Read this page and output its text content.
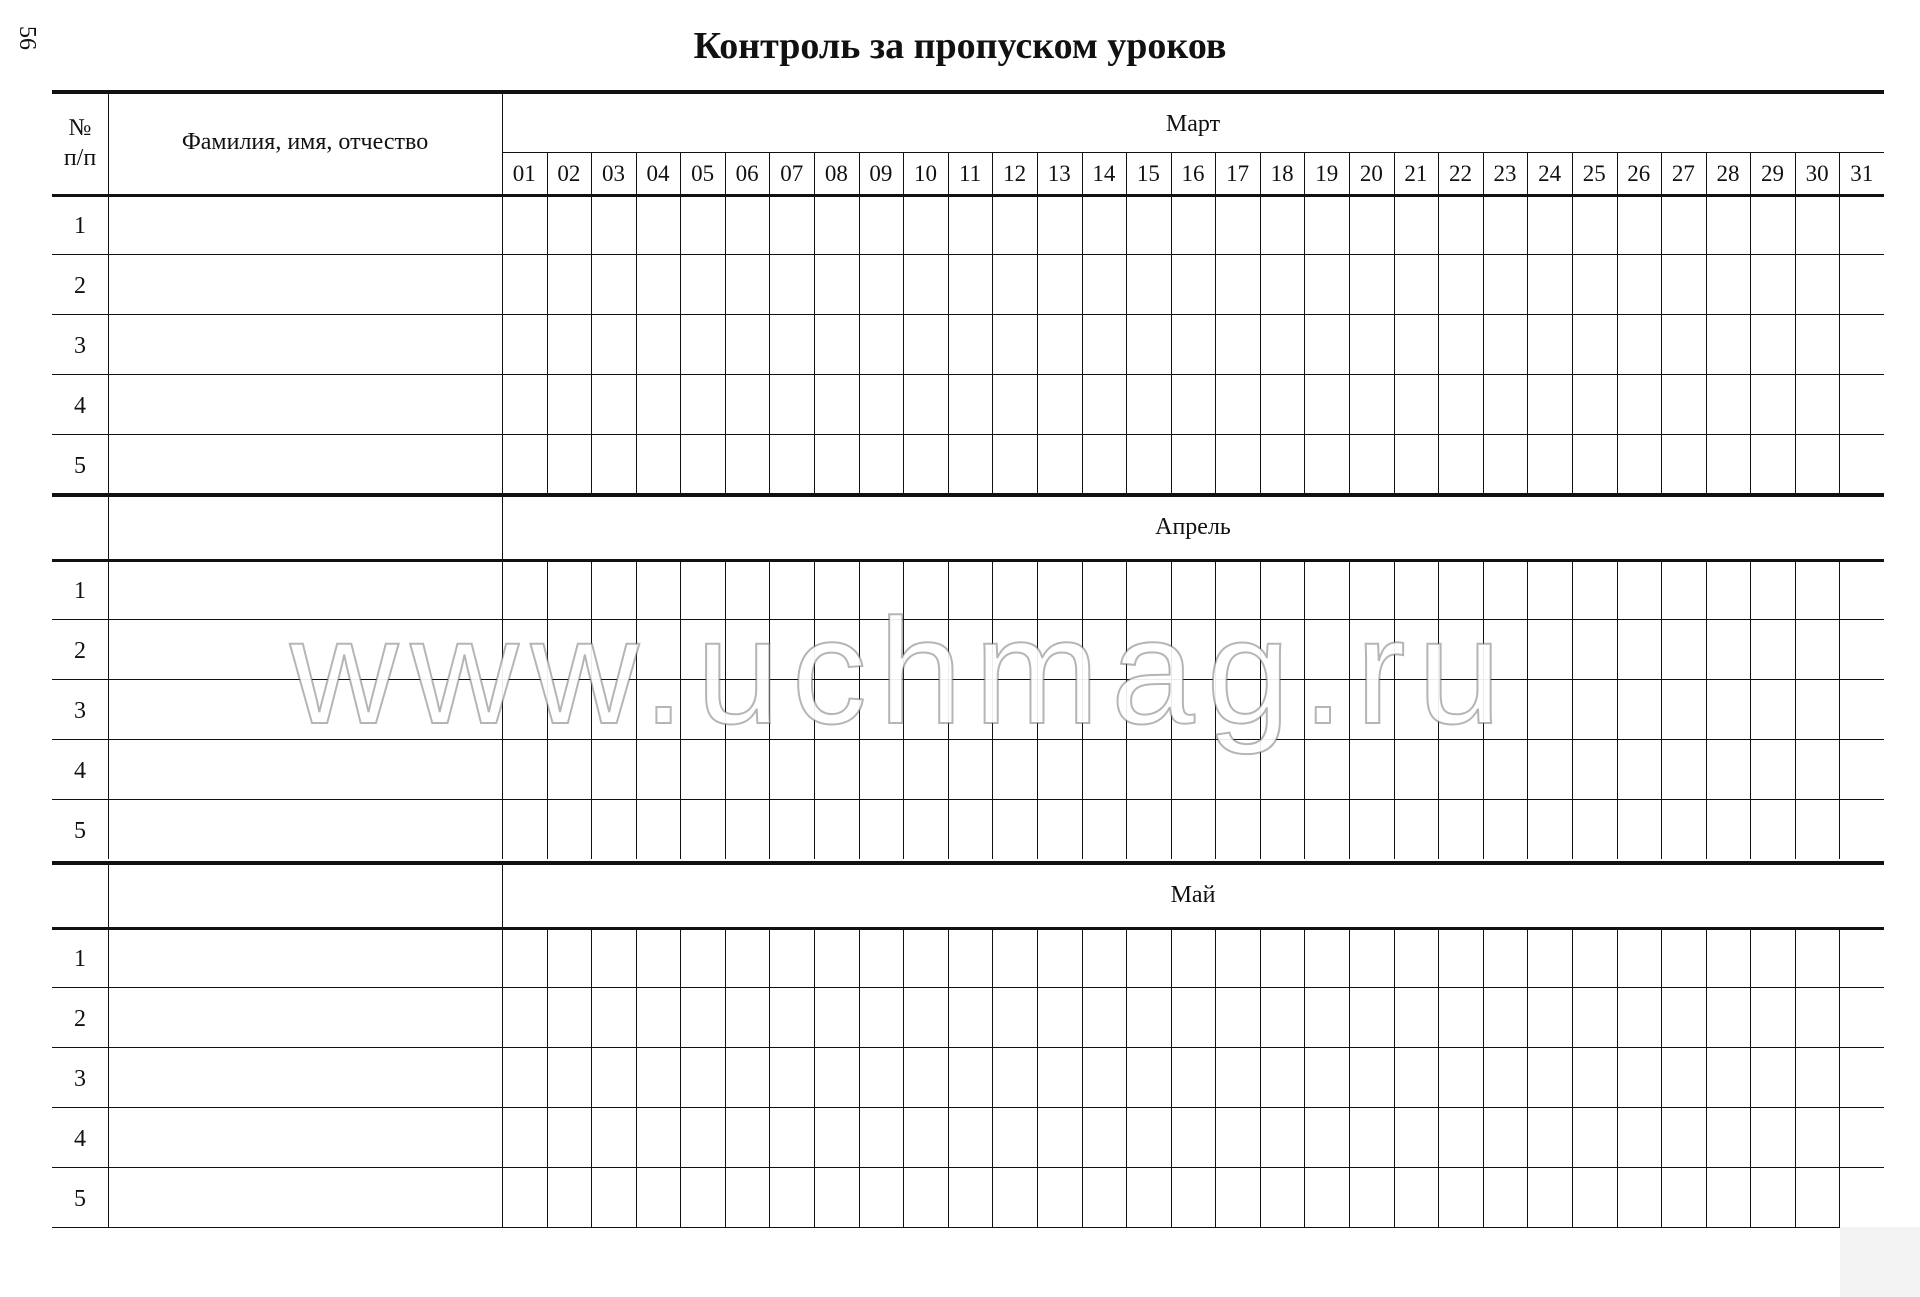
56	Контроль за пропуском уроков
Март
01 02 03 04 05 06 07 08 09 10 11 12 13 14 15 16 17 18 19 20 21 22 23 24 25 26 27 28 29 30 31
№
п/п
Фамилия, имя, отчество
1
2
3
4
5
Апрель
1
2
3
4
5
Май
1
2
3
4
5
www.uchmag.ru
